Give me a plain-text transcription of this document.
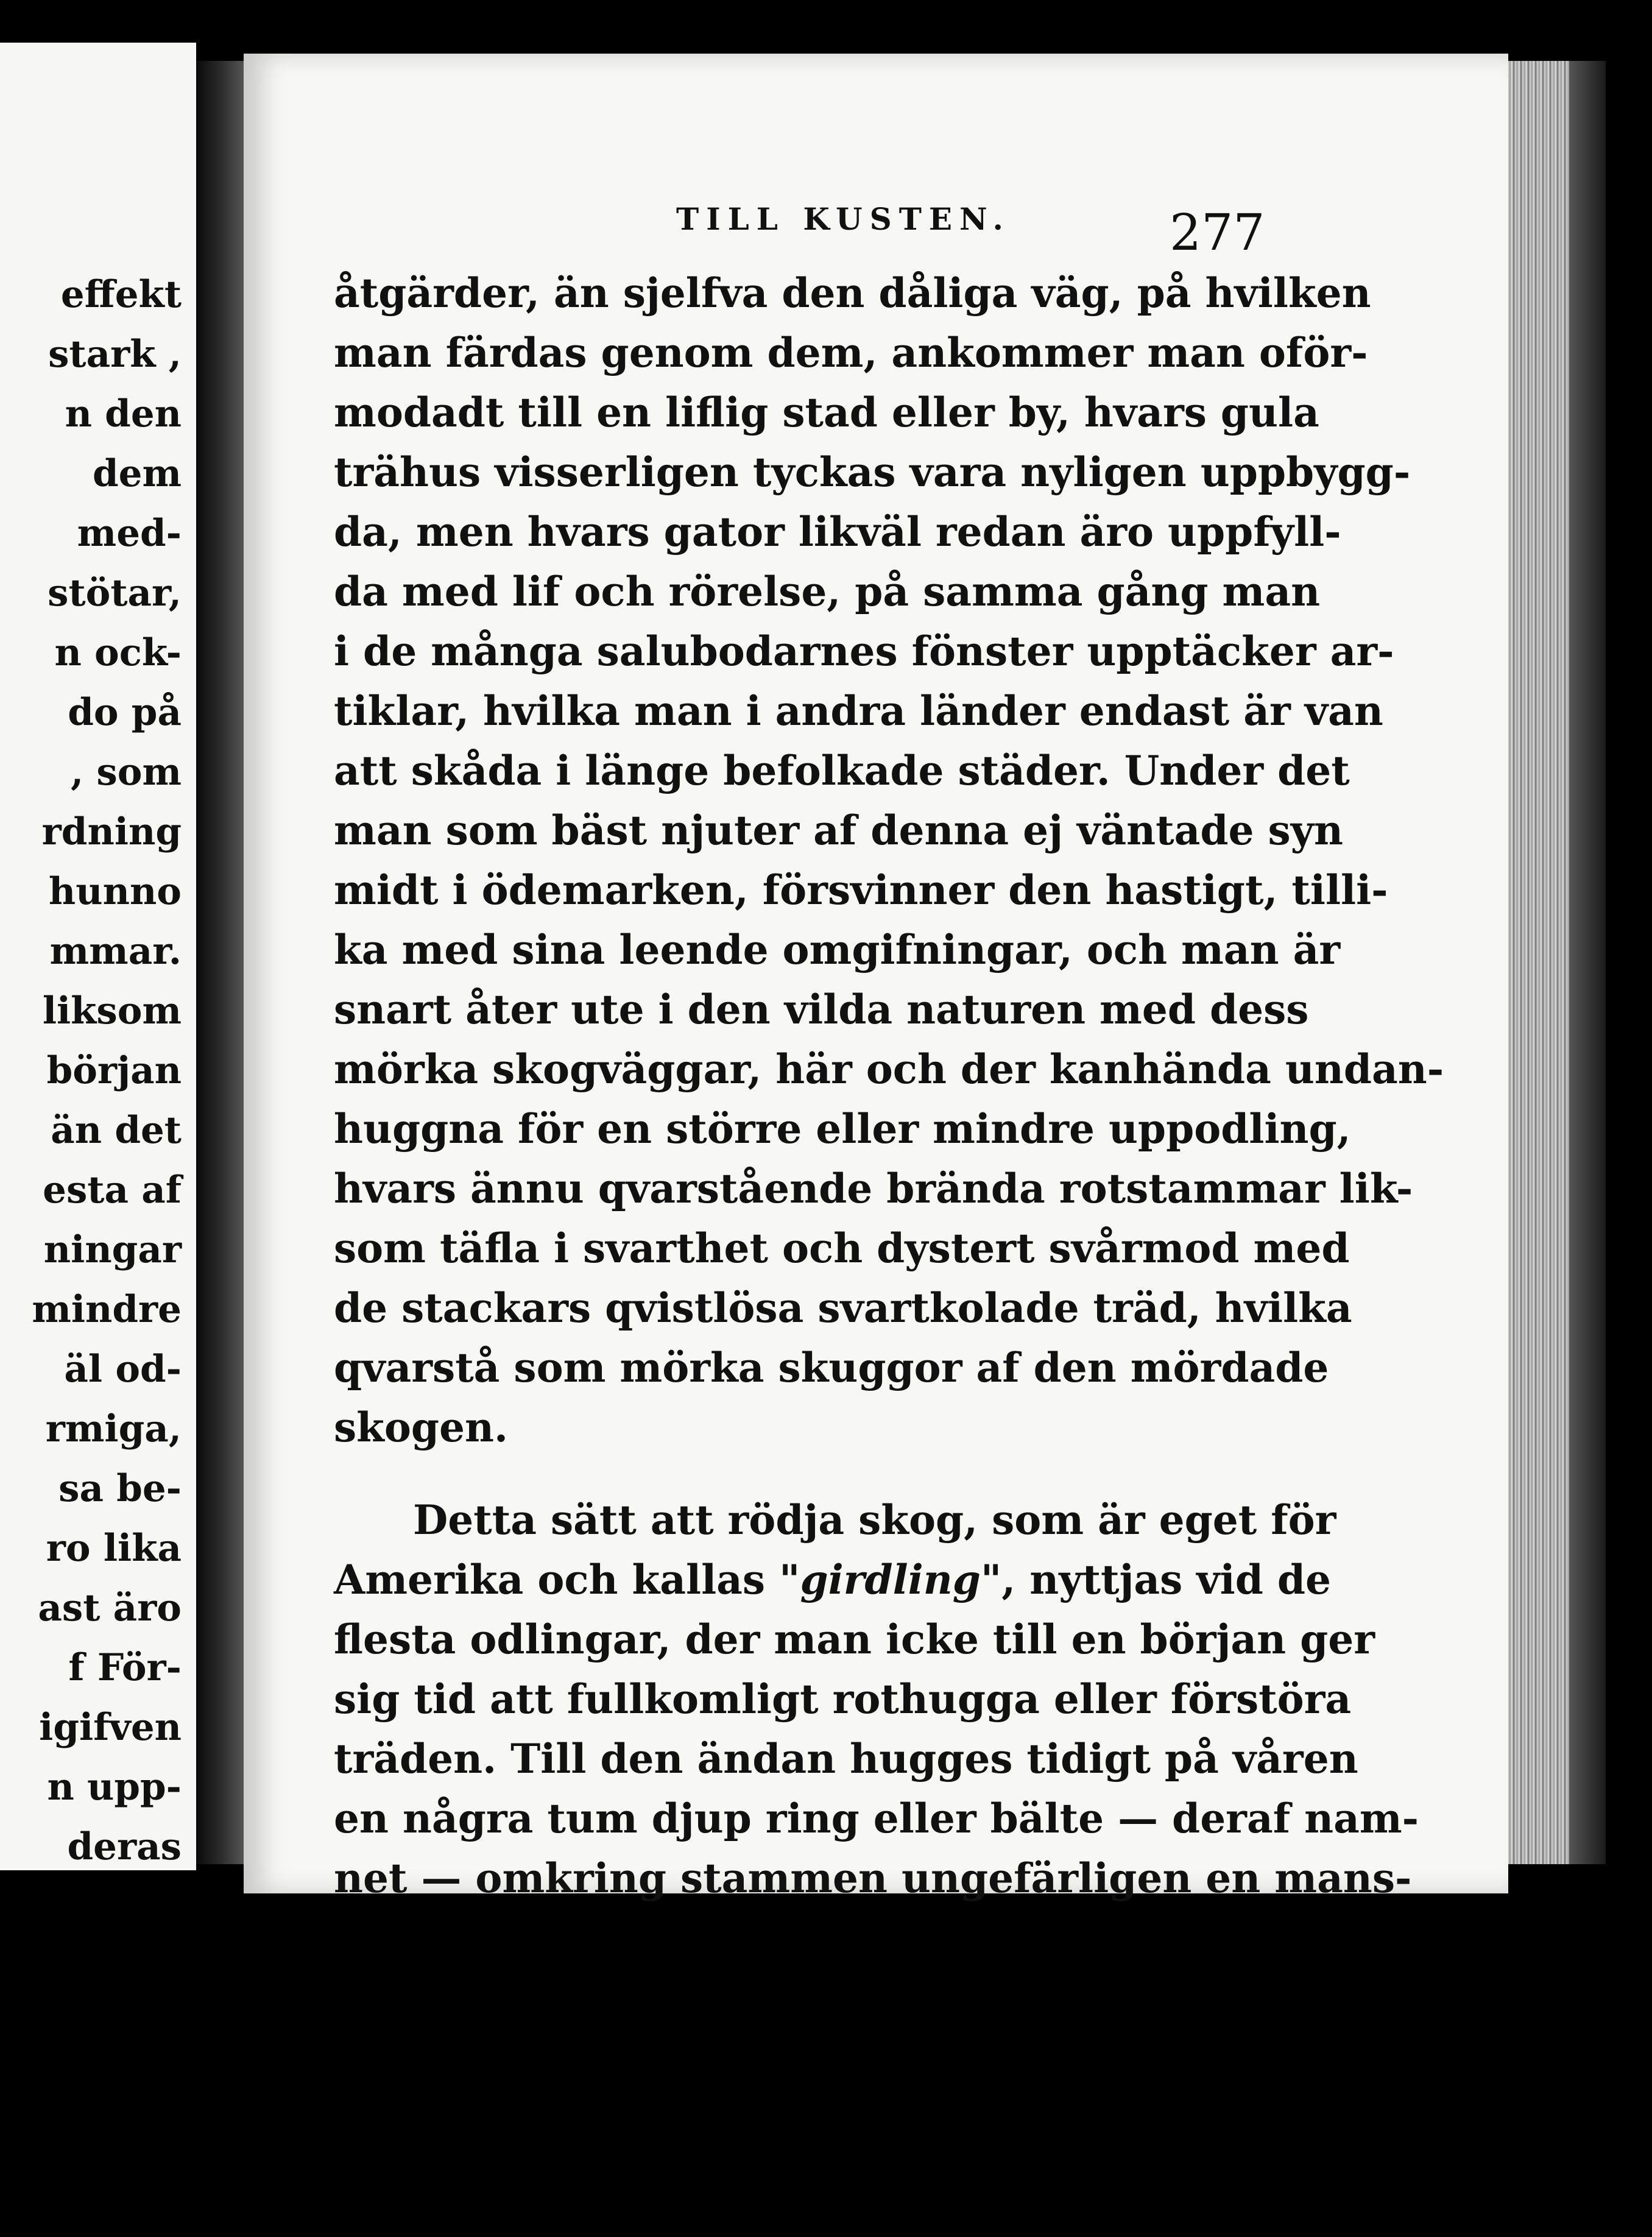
effekt
stark ,
n den
dem
med-
stötar,
n ock-
do på
, som
rdning
hunno
mmar.
liksom
början
än det
esta af
ningar
mindre
äl od-
rmiga,
sa be-
ro lika
ast äro
f För-
igifven
n upp-
deras
TILL KUSTEN.	277
åtgärder, än sjelfva den dåliga väg, på hvilken
man färdas genom dem, ankommer man oför-
modadt till en liflig stad eller by, hvars gula
trähus visserligen tyckas vara nyligen uppbygg-
da, men hvars gator likväl redan äro uppfyll-
da med lif och rörelse, på samma gång man
i de många salubodarnes fönster upptäcker ar-
tiklar, hvilka man i andra länder endast är van
att skåda i länge befolkade städer. Under det
man som bäst njuter af denna ej väntade syn
midt i ödemarken, försvinner den hastigt, tilli-
ka med sina leende omgifningar, och man är
snart åter ute i den vilda naturen med dess
mörka skogväggar, här och der kanhända undan-
huggna för en större eller mindre uppodling,
hvars ännu qvarstående brända rotstammar lik-
som täfla i svarthet och dystert svårmod med
de stackars qvistlösa svartkolade träd, hvilka
qvarstå som mörka skuggor af den mördade
skogen.
Detta sätt att rödja skog, som är eget för
Amerika och kallas "girdling", nyttjas vid de
flesta odlingar, der man icke till en början ger
sig tid att fullkomligt rothugga eller förstöra
träden. Till den ändan hugges tidigt på våren
en några tum djup ring eller bälte — deraf nam-
net — omkring stammen ungefärligen en mans-
